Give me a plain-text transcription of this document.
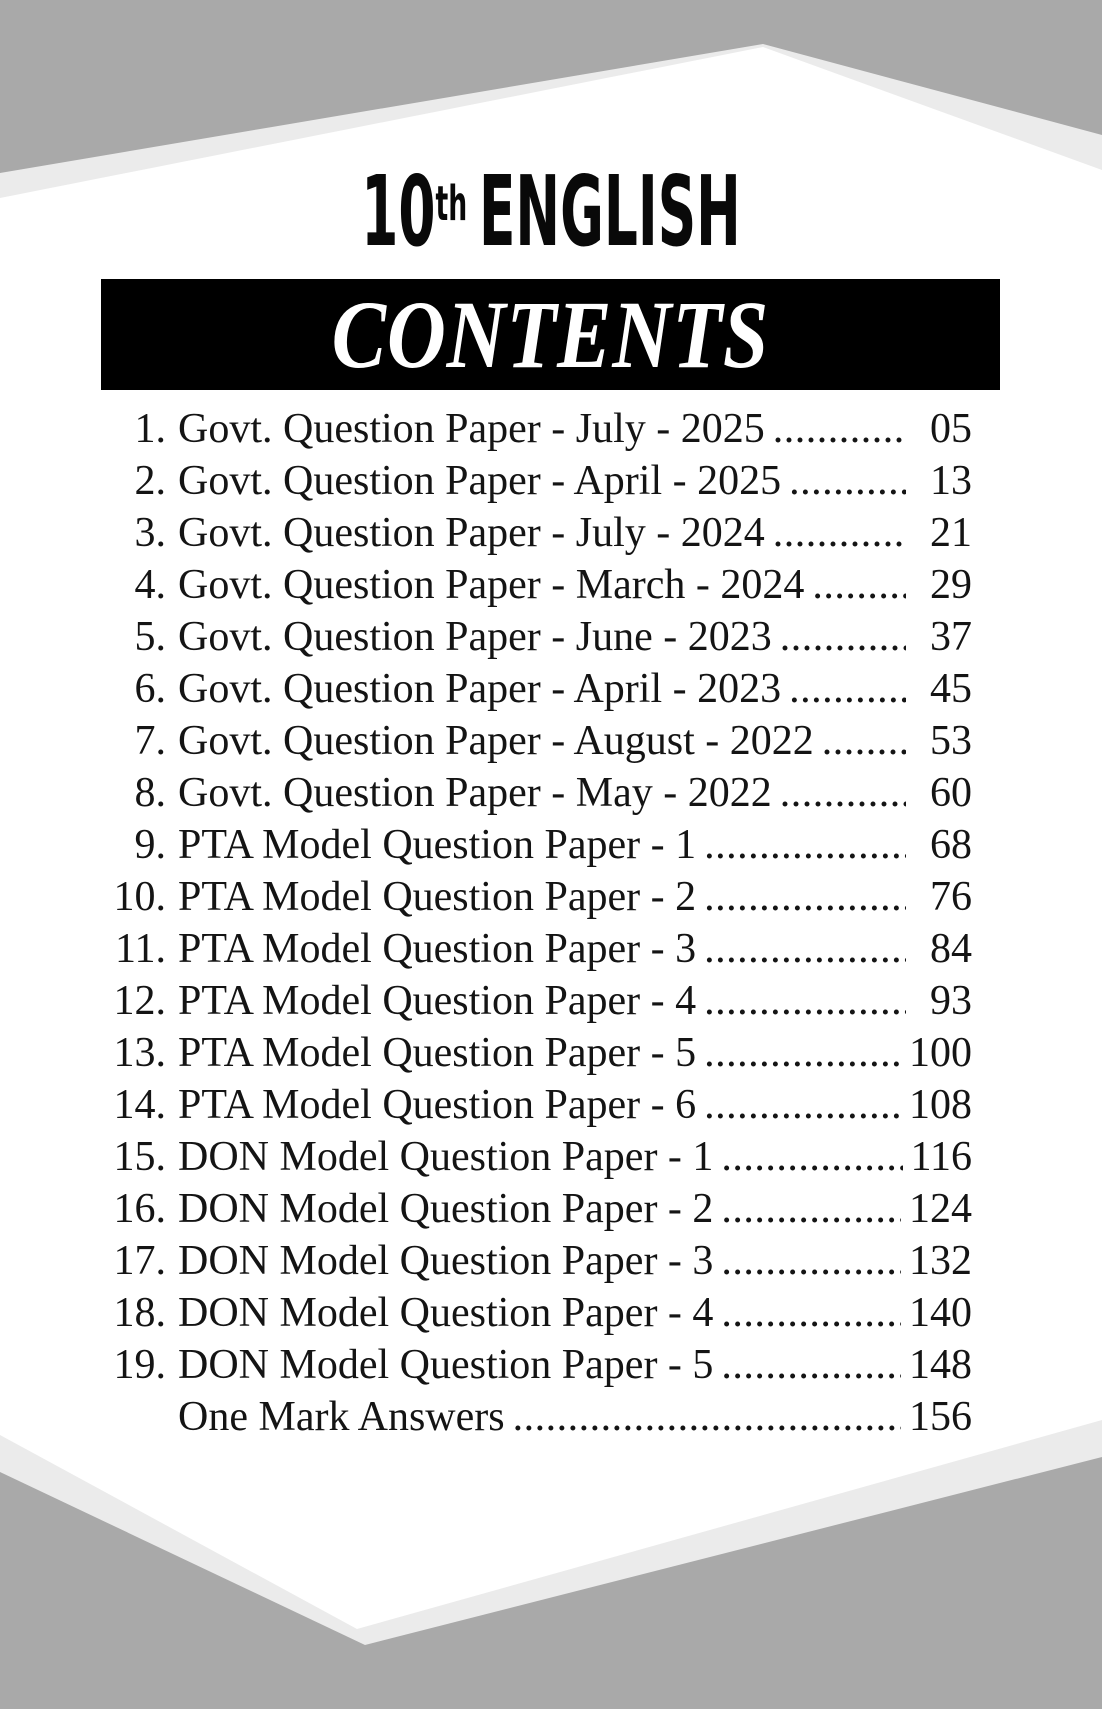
10th ENGLISH
CONTENTS
1. Govt. Question Paper - July - 2025 .....	05
2. Govt. Question Paper - April - 2025 .....	13
3. Govt. Question Paper - July - 2024 .....	21
4. Govt. Question Paper - March - 2024 .....	29
5. Govt. Question Paper - June - 2023 .....	37
6. Govt. Question Paper - April - 2023 .....	45
7. Govt. Question Paper - August - 2022 .....	53
8. Govt. Question Paper - May - 2022 .....	60
9. PTA Model Question Paper - 1 .....	68
10. PTA Model Question Paper - 2 .....	76
11. PTA Model Question Paper - 3 .....	84
12. PTA Model Question Paper - 4 .....	93
13. PTA Model Question Paper - 5 .....	100
14. PTA Model Question Paper - 6 .....	108
15. DON Model Question Paper - 1 .....	116
16. DON Model Question Paper - 2 .....	124
17. DON Model Question Paper - 3 .....	132
18. DON Model Question Paper - 4 .....	140
19. DON Model Question Paper - 5 .....	148
One Mark Answers .....	156
